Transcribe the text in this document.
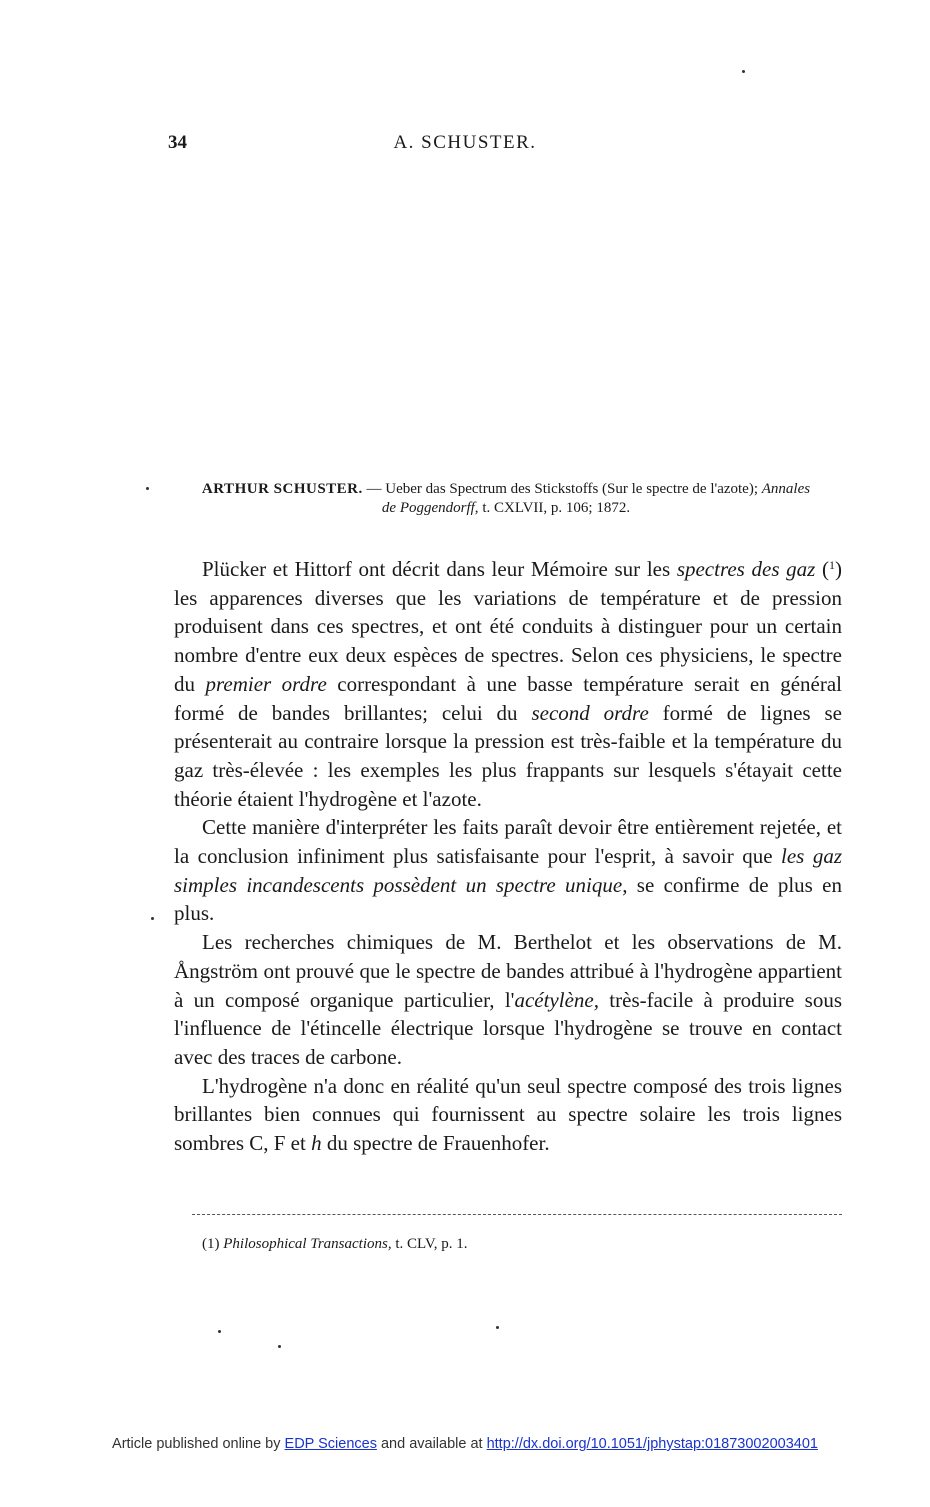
34	A. SCHUSTER.
ARTHUR SCHUSTER. — Ueber das Spectrum des Stickstoffs (Sur le spectre de l'azote); Annales de Poggendorff, t. CXLVII, p. 106; 1872.

Plücker et Hittorf ont décrit dans leur Mémoire sur les spectres des gaz ($^1$) les apparences diverses que les variations de température et de pression produisent dans ces spectres, et ont été conduits à distinguer pour un certain nombre d'entre eux deux espèces de spectres. Selon ces physiciens, le spectre du premier ordre correspondant à une basse température serait en général formé de bandes brillantes; celui du second ordre formé de lignes se présenterait au contraire lorsque la pression est très-faible et la température du gaz très-élevée : les exemples les plus frappants sur lesquels s'étayait cette théorie étaient l'hydrogène et l'azote.

Cette manière d'interpréter les faits paraît devoir être entièrement rejetée, et la conclusion infiniment plus satisfaisante pour l'esprit, à savoir que les gaz simples incandescents possèdent un spectre unique, se confirme de plus en plus.

Les recherches chimiques de M. Berthelot et les observations de M. Ångström ont prouvé que le spectre de bandes attribué à l'hydrogène appartient à un composé organique particulier, l'acétylène, très-facile à produire sous l'influence de l'étincelle électrique lorsque l'hydrogène se trouve en contact avec des traces de carbone.

L'hydrogène n'a donc en réalité qu'un seul spectre composé des trois lignes brillantes bien connues qui fournissent au spectre solaire les trois lignes sombres C, F et h du spectre de Frauenhofer.

(1) Philosophical Transactions, t. CLV, p. 1.
Article published online by EDP Sciences and available at http://dx.doi.org/10.1051/jphystap:01873002003401
